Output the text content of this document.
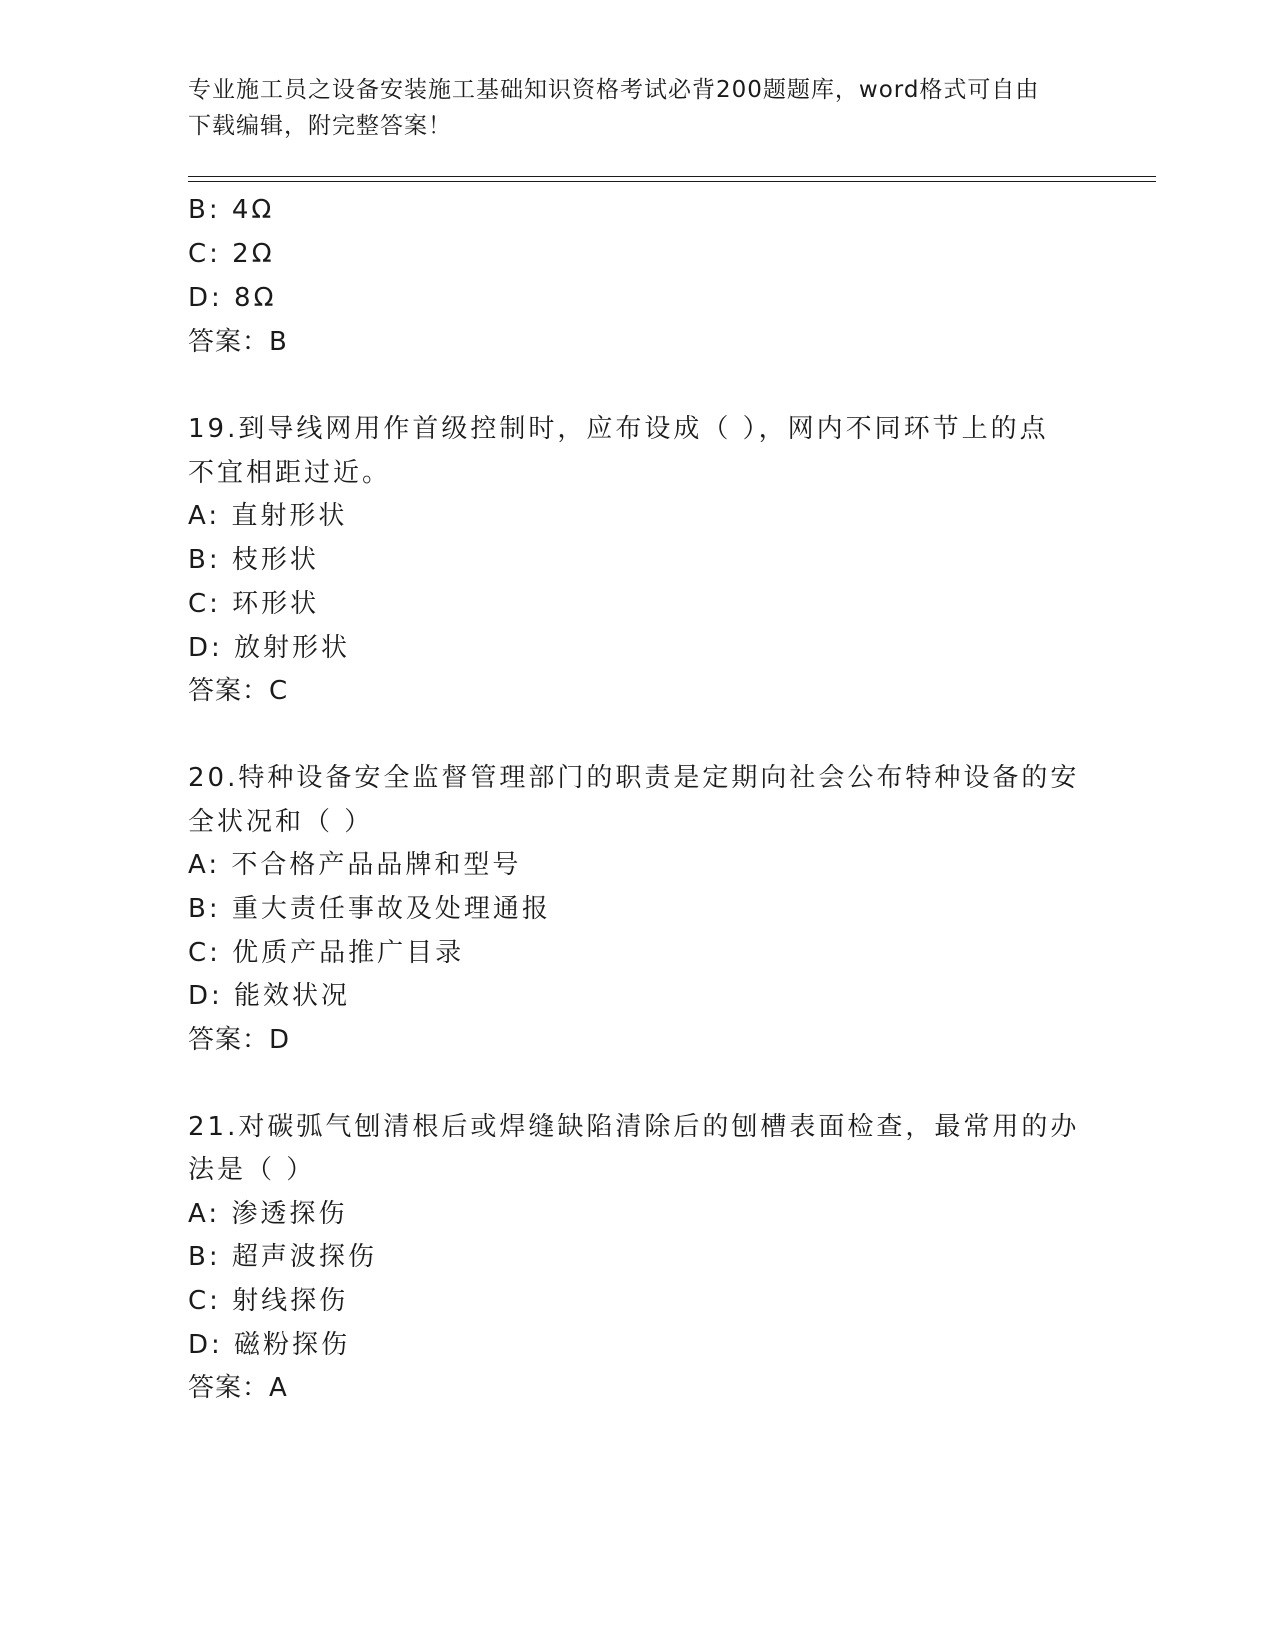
专业施工员之设备安装施工基础知识资格考试必背200题题库，word格式可自由
下载编辑，附完整答案！
B: 4Ω
C: 2Ω
D: 8Ω
答案：B
19.到导线网用作首级控制时，应布设成（ ），网内不同环节上的点
不宜相距过近。
A: 直射形状
B: 枝形状
C: 环形状
D: 放射形状
答案：C
20.特种设备安全监督管理部门的职责是定期向社会公布特种设备的安
全状况和（ ）
A: 不合格产品品牌和型号
B: 重大责任事故及处理通报
C: 优质产品推广目录
D: 能效状况
答案：D
21.对碳弧气刨清根后或焊缝缺陷清除后的刨槽表面检查，最常用的办
法是（ ）
A: 渗透探伤
B: 超声波探伤
C: 射线探伤
D: 磁粉探伤
答案：A
